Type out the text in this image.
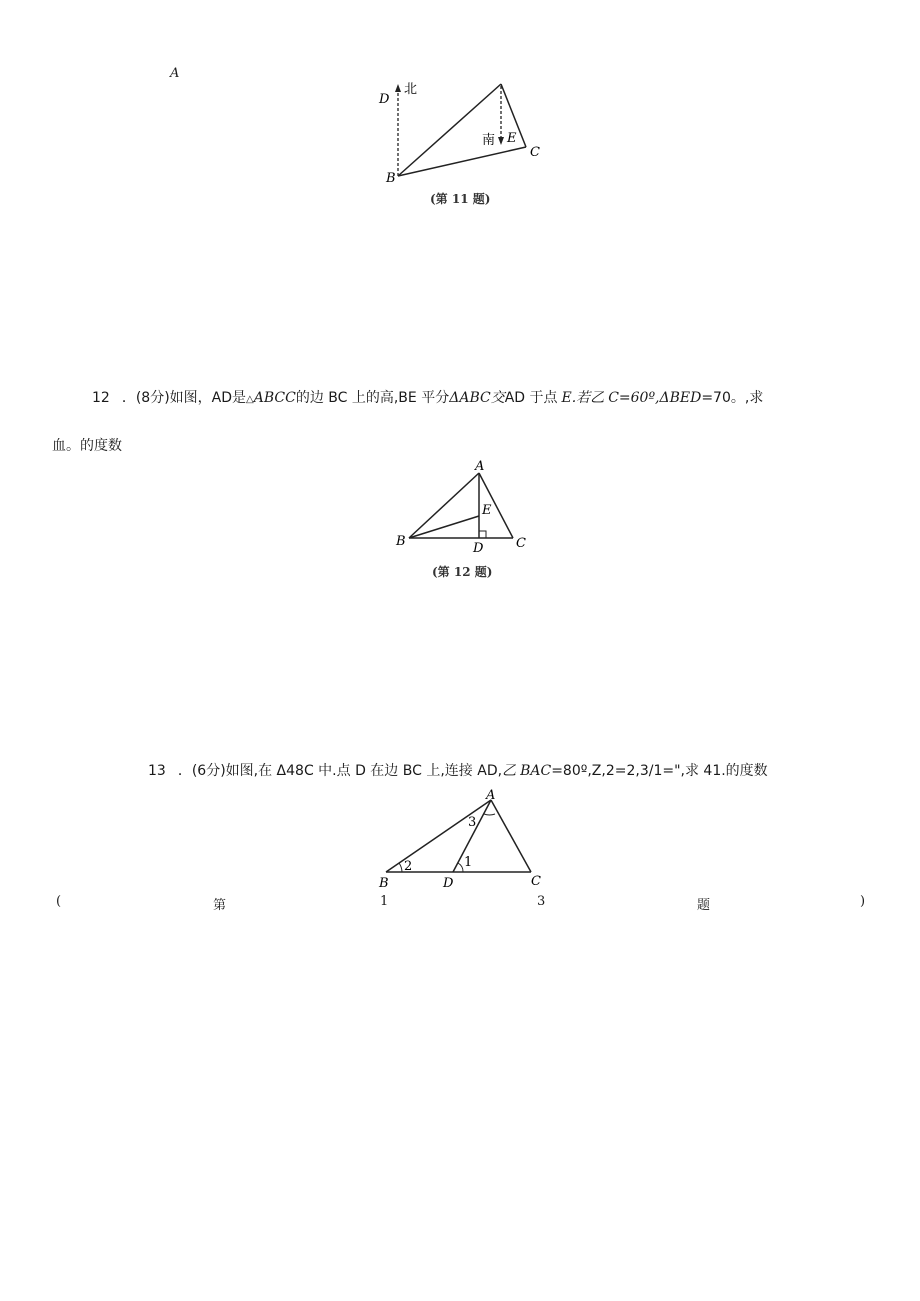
A
D
北
南 E
C
B
(第 11 题)
12 ．(8分)如图，AD是△ABCC的边 BC 上的高,BE 平分ΔABC交AD 于点 E.若乙 C=60º,ΔBED=70。,求
血。的度数
A
E
B	D	C
(第 12 题)
13 ．(6分)如图,在 Δ48C 中.点 D 在边 BC 上,连接 AD,乙 BAC=80º,Z,2=2,3/1=",求 41.的度数
A
3
2	1
B	D	C
(	第	1	3	题	)
